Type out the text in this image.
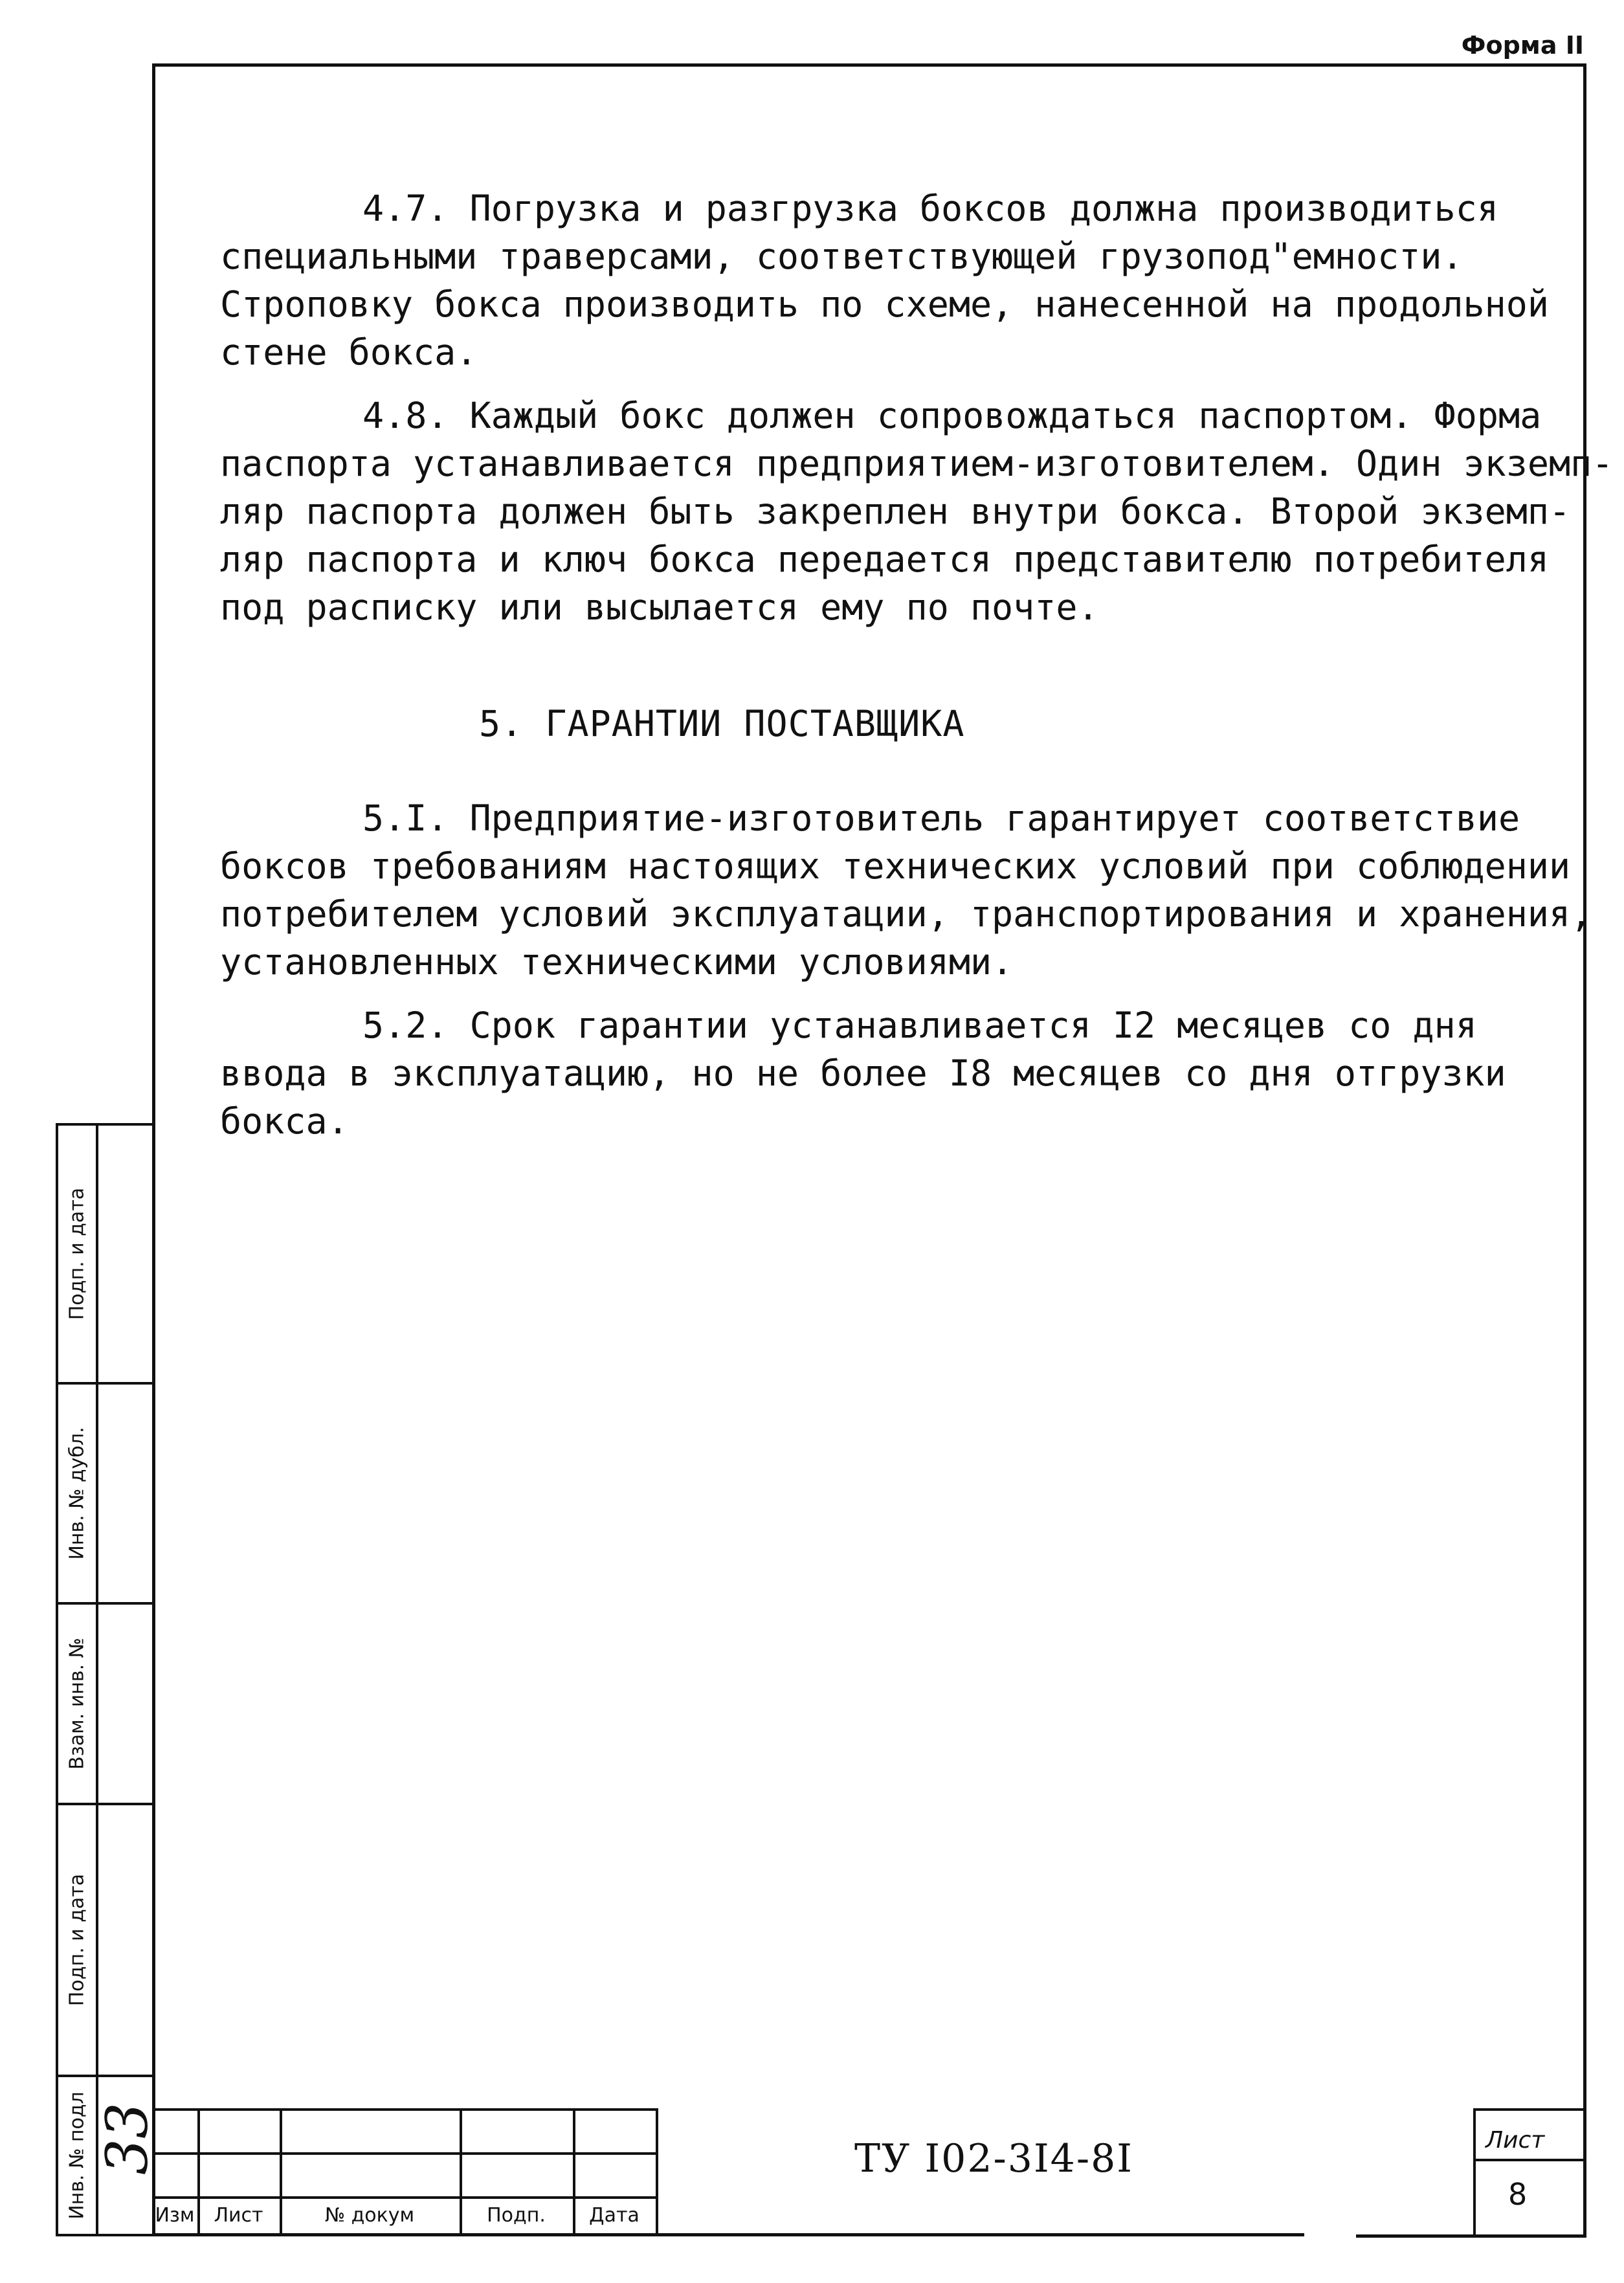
Форма II
4.7. Погрузка и разгрузка боксов должна производиться
специальными траверсами, соответствующей грузопод"емности.
Строповку бокса производить по схеме, нанесенной на продольной
стене бокса.
4.8. Каждый бокс должен сопровождаться паспортом. Форма
паспорта устанавливается предприятием-изготовителем. Один экземп-
ляр паспорта должен быть закреплен внутри бокса. Второй экземп-
ляр паспорта и ключ бокса передается представителю потребителя
под расписку или высылается ему по почте.
5. ГАРАНТИИ ПОСТАВЩИКА
5.I. Предприятие-изготовитель гарантирует соответствие
боксов требованиям настоящих технических условий при соблюдении
потребителем условий эксплуатации, транспортирования и хранения,
установленных техническими условиями.
5.2. Срок гарантии устанавливается I2 месяцев со дня
ввода в эксплуатацию, но не более I8 месяцев со дня отгрузки
бокса.
Подп. и дата
Инв. № дубл.
Взам. инв. №
Подп. и дата
Инв. № подл 33
Изм Лист	№ докум	Подп.	Дата
ТУ I02-3I4-8I	Лист
8
